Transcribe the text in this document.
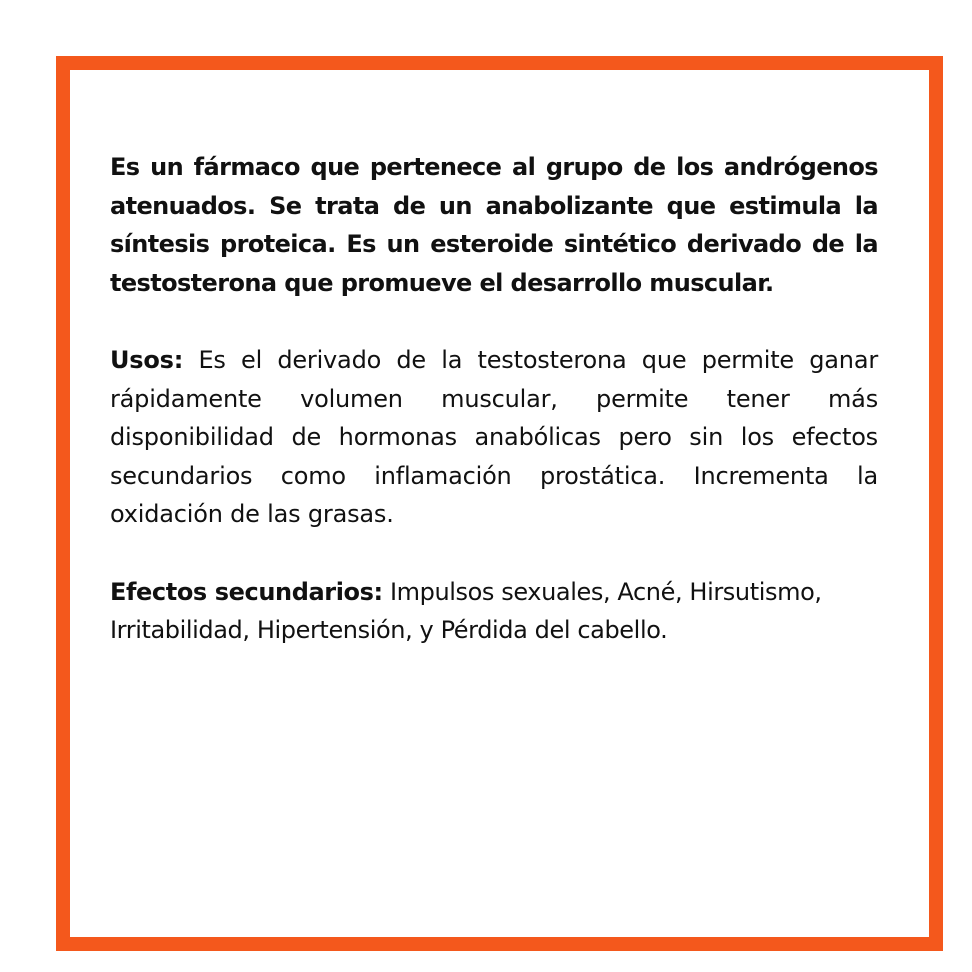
Es un fármaco que pertenece al grupo de los andrógenos atenuados. Se trata de un anabolizante que estimula la síntesis proteica. Es un esteroide sintético derivado de la testosterona que promueve el desarrollo muscular.

Usos: Es el derivado de la testosterona que permite ganar rápidamente volumen muscular, permite tener más disponibilidad de hormonas anabólicas pero sin los efectos secundarios como inflamación prostática. Incrementa la oxidación de las grasas.

Efectos secundarios: Impulsos sexuales, Acné, Hirsutismo, Irritabilidad, Hipertensión, y Pérdida del cabello.
